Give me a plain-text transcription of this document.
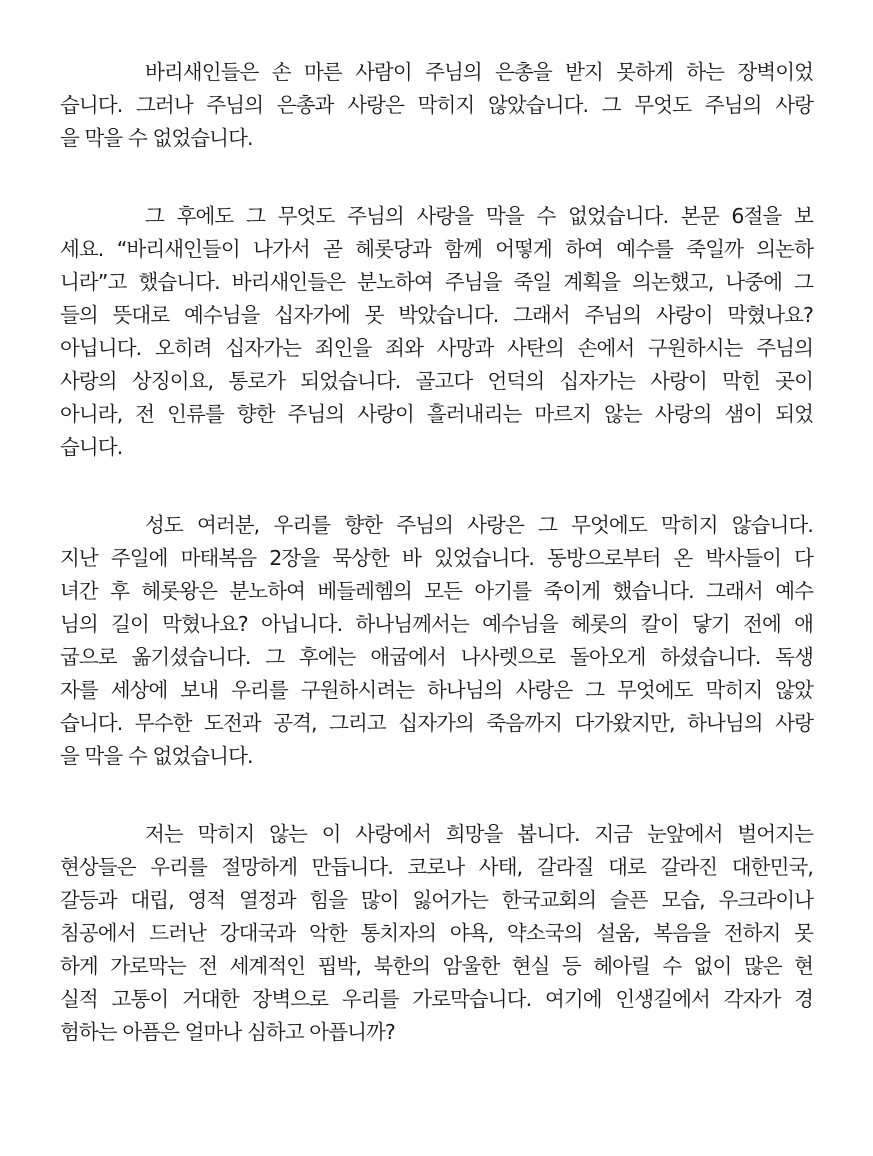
바리새인들은 손 마른 사람이 주님의 은총을 받지 못하게 하는 장벽이었

습니다. 그러나 주님의 은총과 사랑은 막히지 않았습니다. 그 무엇도 주님의 사랑

을 막을 수 없었습니다.

그 후에도 그 무엇도 주님의 사랑을 막을 수 없었습니다. 본문 6절을 보

세요. “바리새인들이 나가서 곧 헤롯당과 함께 어떻게 하여 예수를 죽일까 의논하

니라”고 했습니다. 바리새인들은 분노하여 주님을 죽일 계획을 의논했고, 나중에 그

들의 뜻대로 예수님을 십자가에 못 박았습니다. 그래서 주님의 사랑이 막혔나요?

아닙니다. 오히려 십자가는 죄인을 죄와 사망과 사탄의 손에서 구원하시는 주님의

사랑의 상징이요, 통로가 되었습니다. 골고다 언덕의 십자가는 사랑이 막힌 곳이

아니라, 전 인류를 향한 주님의 사랑이 흘러내리는 마르지 않는 사랑의 샘이 되었

습니다.

성도 여러분, 우리를 향한 주님의 사랑은 그 무엇에도 막히지 않습니다.

지난 주일에 마태복음 2장을 묵상한 바 있었습니다. 동방으로부터 온 박사들이 다

녀간 후 헤롯왕은 분노하여 베들레헴의 모든 아기를 죽이게 했습니다. 그래서 예수

님의 길이 막혔나요? 아닙니다. 하나님께서는 예수님을 헤롯의 칼이 닿기 전에 애

굽으로 옮기셨습니다. 그 후에는 애굽에서 나사렛으로 돌아오게 하셨습니다. 독생

자를 세상에 보내 우리를 구원하시려는 하나님의 사랑은 그 무엇에도 막히지 않았

습니다. 무수한 도전과 공격, 그리고 십자가의 죽음까지 다가왔지만, 하나님의 사랑

을 막을 수 없었습니다.

저는 막히지 않는 이 사랑에서 희망을 봅니다. 지금 눈앞에서 벌어지는

현상들은 우리를 절망하게 만듭니다. 코로나 사태, 갈라질 대로 갈라진 대한민국,

갈등과 대립, 영적 열정과 힘을 많이 잃어가는 한국교회의 슬픈 모습, 우크라이나

침공에서 드러난 강대국과 악한 통치자의 야욕, 약소국의 설움, 복음을 전하지 못

하게 가로막는 전 세계적인 핍박, 북한의 암울한 현실 등 헤아릴 수 없이 많은 현

실적 고통이 거대한 장벽으로 우리를 가로막습니다. 여기에 인생길에서 각자가 경

험하는 아픔은 얼마나 심하고 아픕니까?
